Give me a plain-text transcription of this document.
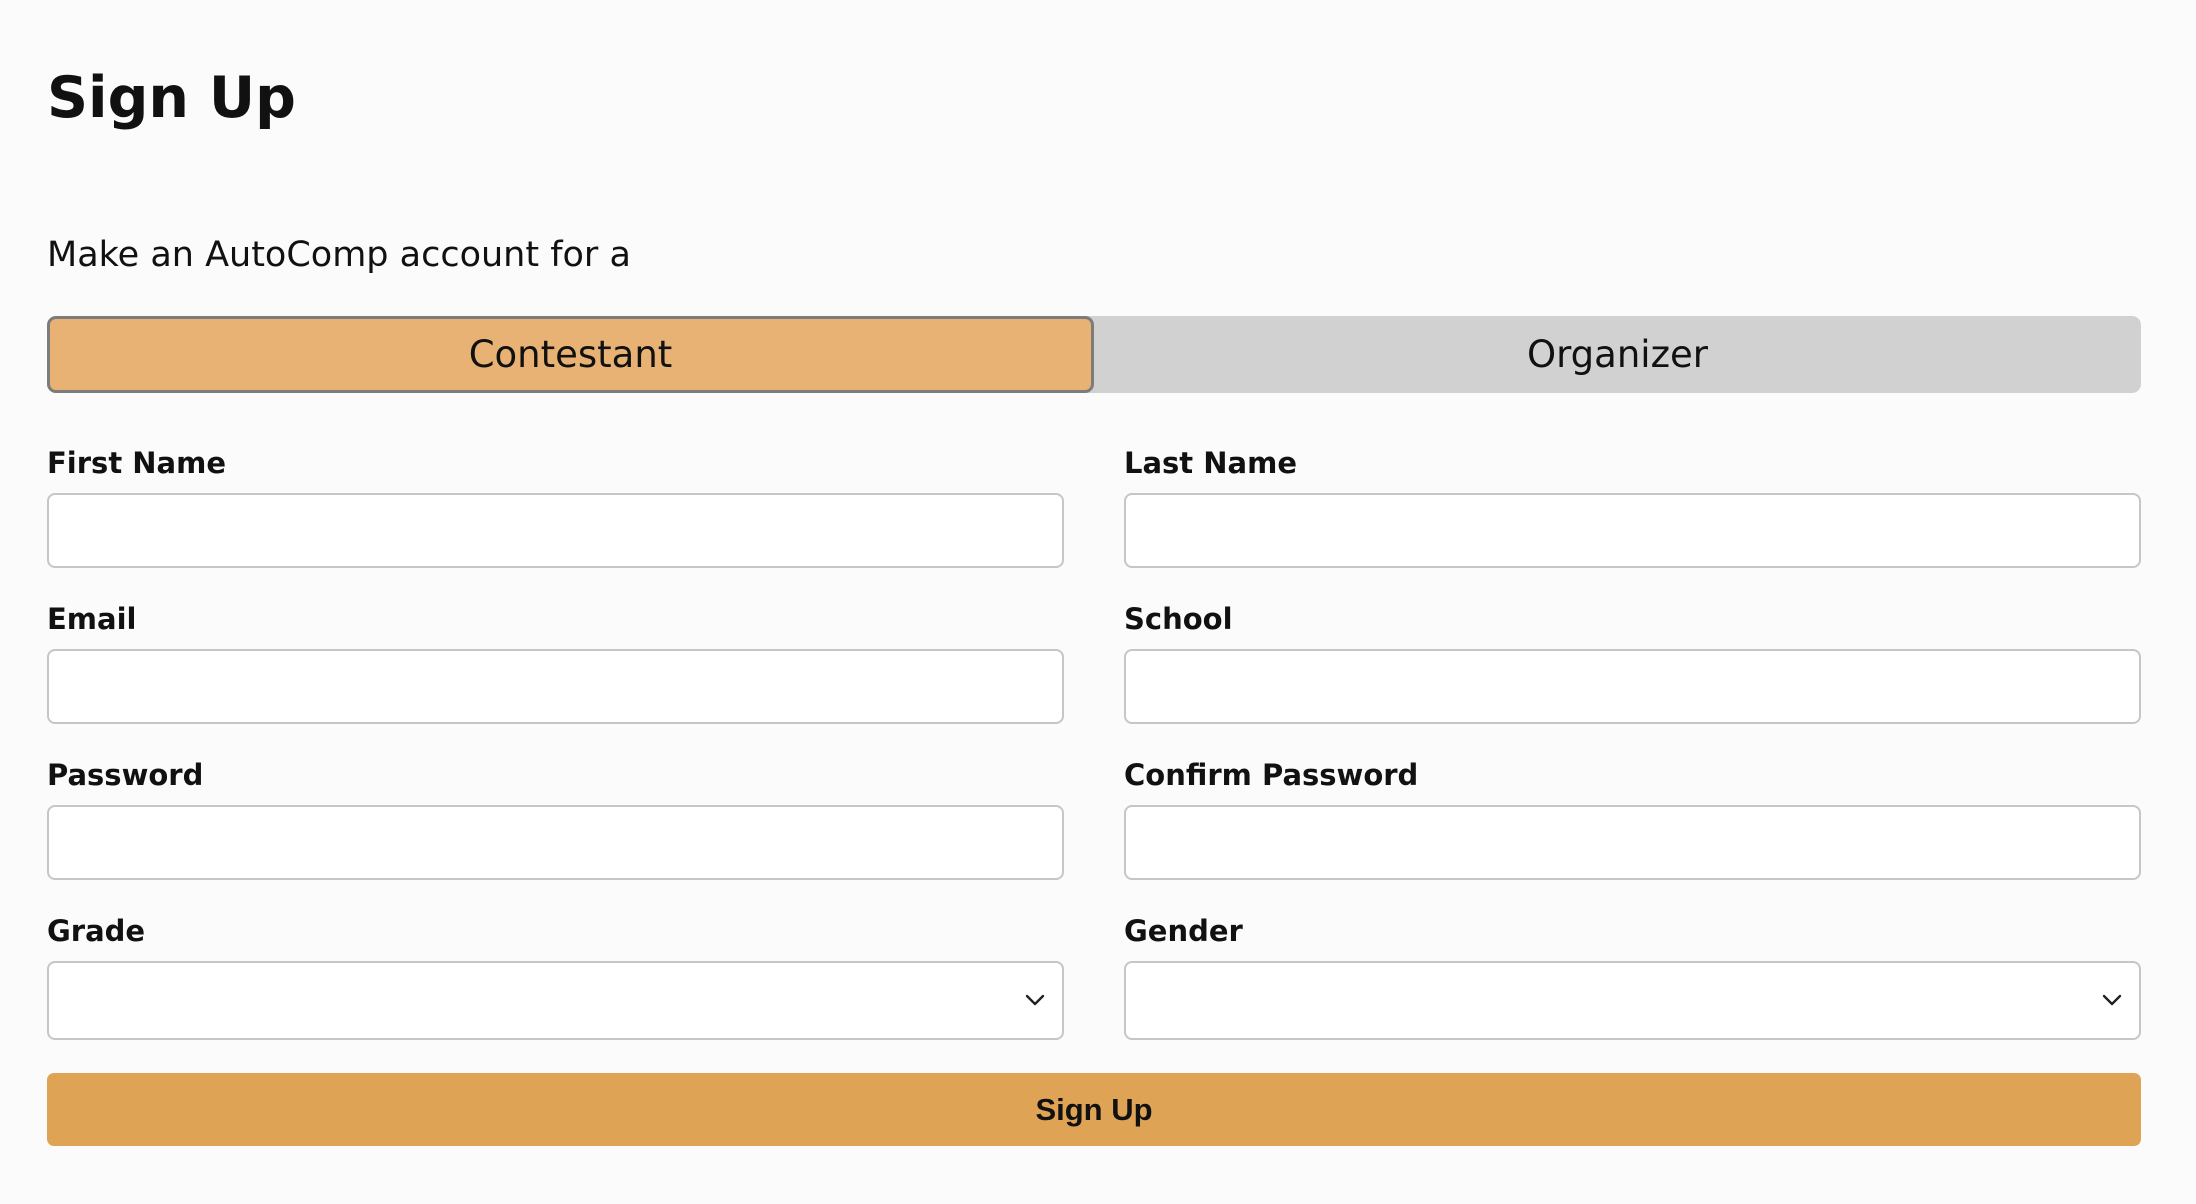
Sign Up
Make an AutoComp account for a
Contestant	Organizer
First Name	Last Name
Email	School
Password	Confirm Password
Grade	Gender
Sign Up
